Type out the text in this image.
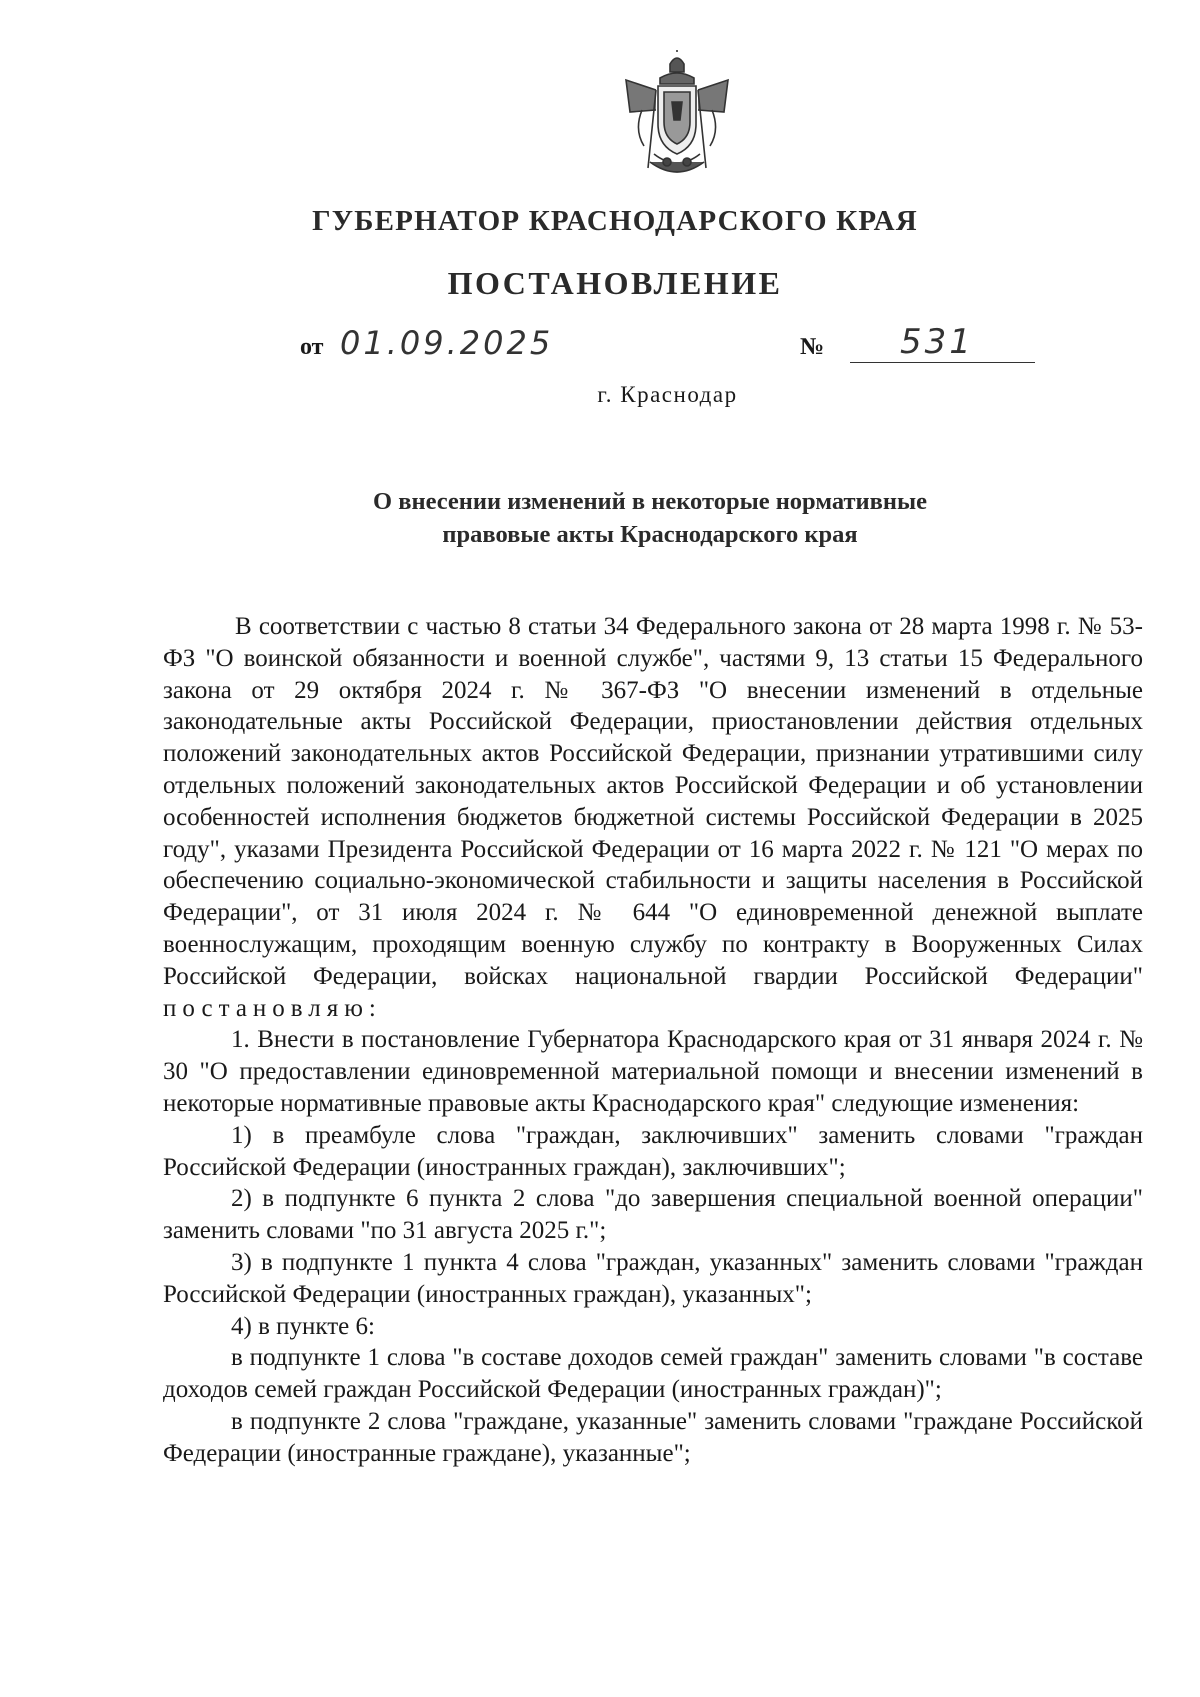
ГУБЕРНАТОР КРАСНОДАРСКОГО КРАЯ
ПОСТАНОВЛЕНИЕ
от 01.09.2025	№ 531
г. Краснодар
О внесении изменений в некоторые нормативные
правовые акты Краснодарского края

В соответствии с частью 8 статьи 34 Федерального закона от 28 марта 1998 г. № 53-ФЗ "О воинской обязанности и военной службе", частями 9, 13 статьи 15 Федерального закона от 29 октября 2024 г. № 367-ФЗ "О внесении изменений в отдельные законодательные акты Российской Федерации, приостановлении действия отдельных положений законодательных актов Российской Федерации, признании утратившими силу отдельных положений законодательных актов Российской Федерации и об установлении особенностей исполнения бюджетов бюджетной системы Российской Федерации в 2025 году", указами Президента Российской Федерации от 16 марта 2022 г. № 121 "О мерах по обеспечению социально-экономической стабильности и защиты населения в Российской Федерации", от 31 июля 2024 г. № 644 "О единовременной денежной выплате военнослужащим, проходящим военную службу по контракту в Вооруженных Силах Российской Федерации, войсках национальной гвардии Российской Федерации" постановляю:

1. Внести в постановление Губернатора Краснодарского края от 31 января 2024 г. № 30 "О предоставлении единовременной материальной помощи и внесении изменений в некоторые нормативные правовые акты Краснодарского края" следующие изменения:

1) в преамбуле слова "граждан, заключивших" заменить словами "граждан Российской Федерации (иностранных граждан), заключивших";

2) в подпункте 6 пункта 2 слова "до завершения специальной военной операции" заменить словами "по 31 августа 2025 г.";

3) в подпункте 1 пункта 4 слова "граждан, указанных" заменить словами "граждан Российской Федерации (иностранных граждан), указанных";

4) в пункте 6:

в подпункте 1 слова "в составе доходов семей граждан" заменить словами "в составе доходов семей граждан Российской Федерации (иностранных граждан)";

в подпункте 2 слова "граждане, указанные" заменить словами "граждане Российской Федерации (иностранные граждане), указанные";
